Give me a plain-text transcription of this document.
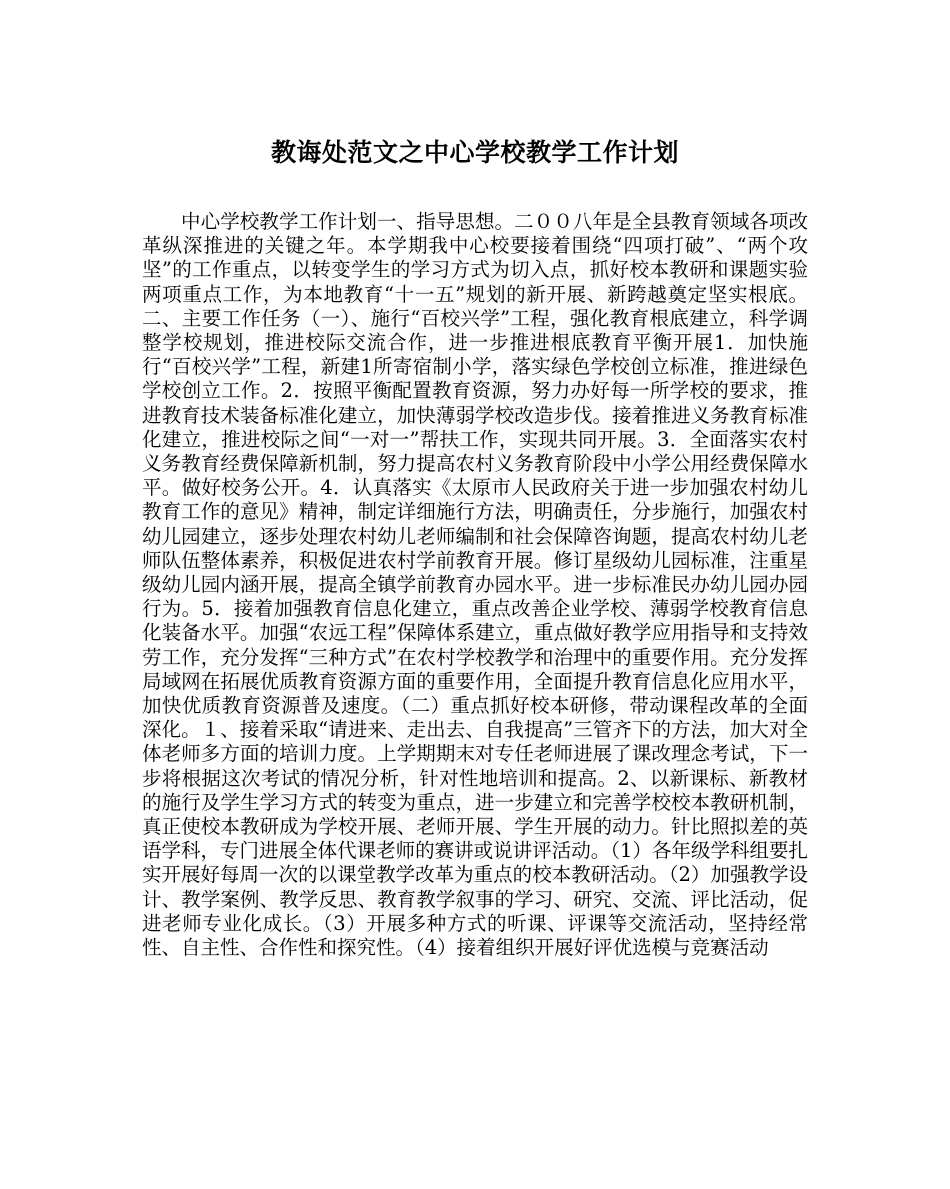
教诲处范文之中心学校教学工作计划

中心学校教学工作计划一、指导思想。二００八年是全县教育领域各项改革纵深推进的关键之年。本学期我中心校要接着围绕“四项打破”、“两个攻坚”的工作重点，以转变学生的学习方式为切入点，抓好校本教研和课题实验两项重点工作，为本地教育“十一五”规划的新开展、新跨越奠定坚实根底。二、主要工作任务（一）、施行“百校兴学”工程，强化教育根底建立，科学调整学校规划，推进校际交流合作，进一步推进根底教育平衡开展1．加快施行“百校兴学”工程，新建1所寄宿制小学，落实绿色学校创立标准，推进绿色学校创立工作。2．按照平衡配置教育资源，努力办好每一所学校的要求，推进教育技术装备标准化建立，加快薄弱学校改造步伐。接着推进义务教育标准化建立，推进校际之间“一对一”帮扶工作，实现共同开展。3．全面落实农村义务教育经费保障新机制，努力提高农村义务教育阶段中小学公用经费保障水平。做好校务公开。4．认真落实《太原市人民政府关于进一步加强农村幼儿教育工作的意见》精神，制定详细施行方法，明确责任，分步施行，加强农村幼儿园建立，逐步处理农村幼儿老师编制和社会保障咨询题，提高农村幼儿老师队伍整体素养，积极促进农村学前教育开展。修订星级幼儿园标准，注重星级幼儿园内涵开展，提高全镇学前教育办园水平。进一步标准民办幼儿园办园行为。5．接着加强教育信息化建立，重点改善企业学校、薄弱学校教育信息化装备水平。加强“农远工程”保障体系建立，重点做好教学应用指导和支持效劳工作，充分发挥“三种方式”在农村学校教学和治理中的重要作用。充分发挥局域网在拓展优质教育资源方面的重要作用，全面提升教育信息化应用水平，加快优质教育资源普及速度。（二）重点抓好校本研修，带动课程改革的全面深化。１、接着采取“请进来、走出去、自我提高”三管齐下的方法，加大对全体老师多方面的培训力度。上学期期末对专任老师进展了课改理念考试，下一步将根据这次考试的情况分析，针对性地培训和提高。2、以新课标、新教材的施行及学生学习方式的转变为重点，进一步建立和完善学校校本教研机制，真正使校本教研成为学校开展、老师开展、学生开展的动力。针比照拟差的英语学科，专门进展全体代课老师的赛讲或说讲评活动。（1）各年级学科组要扎实开展好每周一次的以课堂教学改革为重点的校本教研活动。（2）加强教学设计、教学案例、教学反思、教育教学叙事的学习、研究、交流、评比活动，促进老师专业化成长。（3）开展多种方式的听课、评课等交流活动，坚持经常性、自主性、合作性和探究性。（4）接着组织开展好评优选模与竞赛活动
